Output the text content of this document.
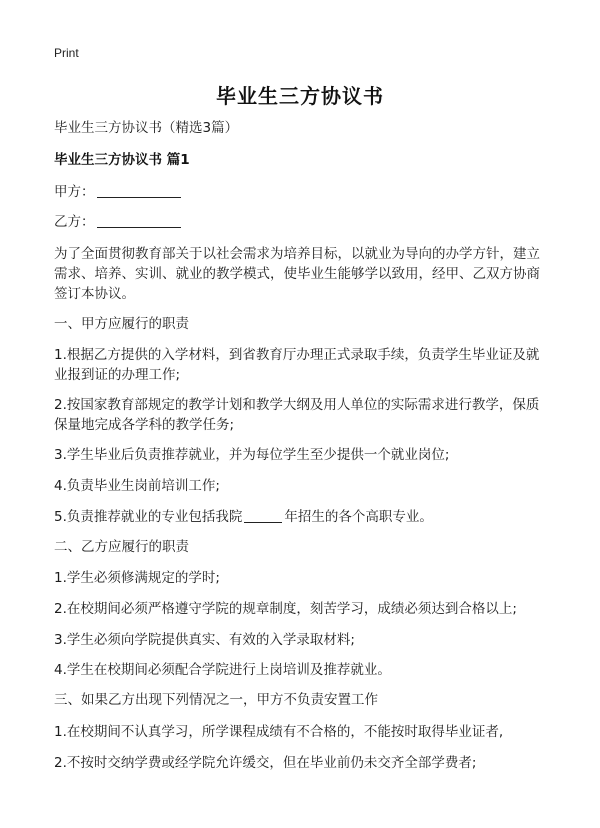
Print
毕业生三方协议书
毕业生三方协议书（精选3篇）
毕业生三方协议书 篇1
甲方：
乙方：
为了全面贯彻教育部关于以社会需求为培养目标，以就业为导向的办学方针，建立
需求、培养、实训、就业的教学模式，使毕业生能够学以致用，经甲、乙双方协商
签订本协议。
一、甲方应履行的职责
1.根据乙方提供的入学材料，到省教育厅办理正式录取手续，负责学生毕业证及就
业报到证的办理工作;
2.按国家教育部规定的教学计划和教学大纲及用人单位的实际需求进行教学，保质
保量地完成各学科的教学任务;
3.学生毕业后负责推荐就业，并为每位学生至少提供一个就业岗位;
4.负责毕业生岗前培训工作;
5.负责推荐就业的专业包括我院	年招生的各个高职专业。
二、乙方应履行的职责
1.学生必须修满规定的学时;
2.在校期间必须严格遵守学院的规章制度，刻苦学习，成绩必须达到合格以上;
3.学生必须向学院提供真实、有效的入学录取材料;
4.学生在校期间必须配合学院进行上岗培训及推荐就业。
三、如果乙方出现下列情况之一，甲方不负责安置工作
1.在校期间不认真学习，所学课程成绩有不合格的，不能按时取得毕业证者,
2.不按时交纳学费或经学院允许缓交，但在毕业前仍未交齐全部学费者;
